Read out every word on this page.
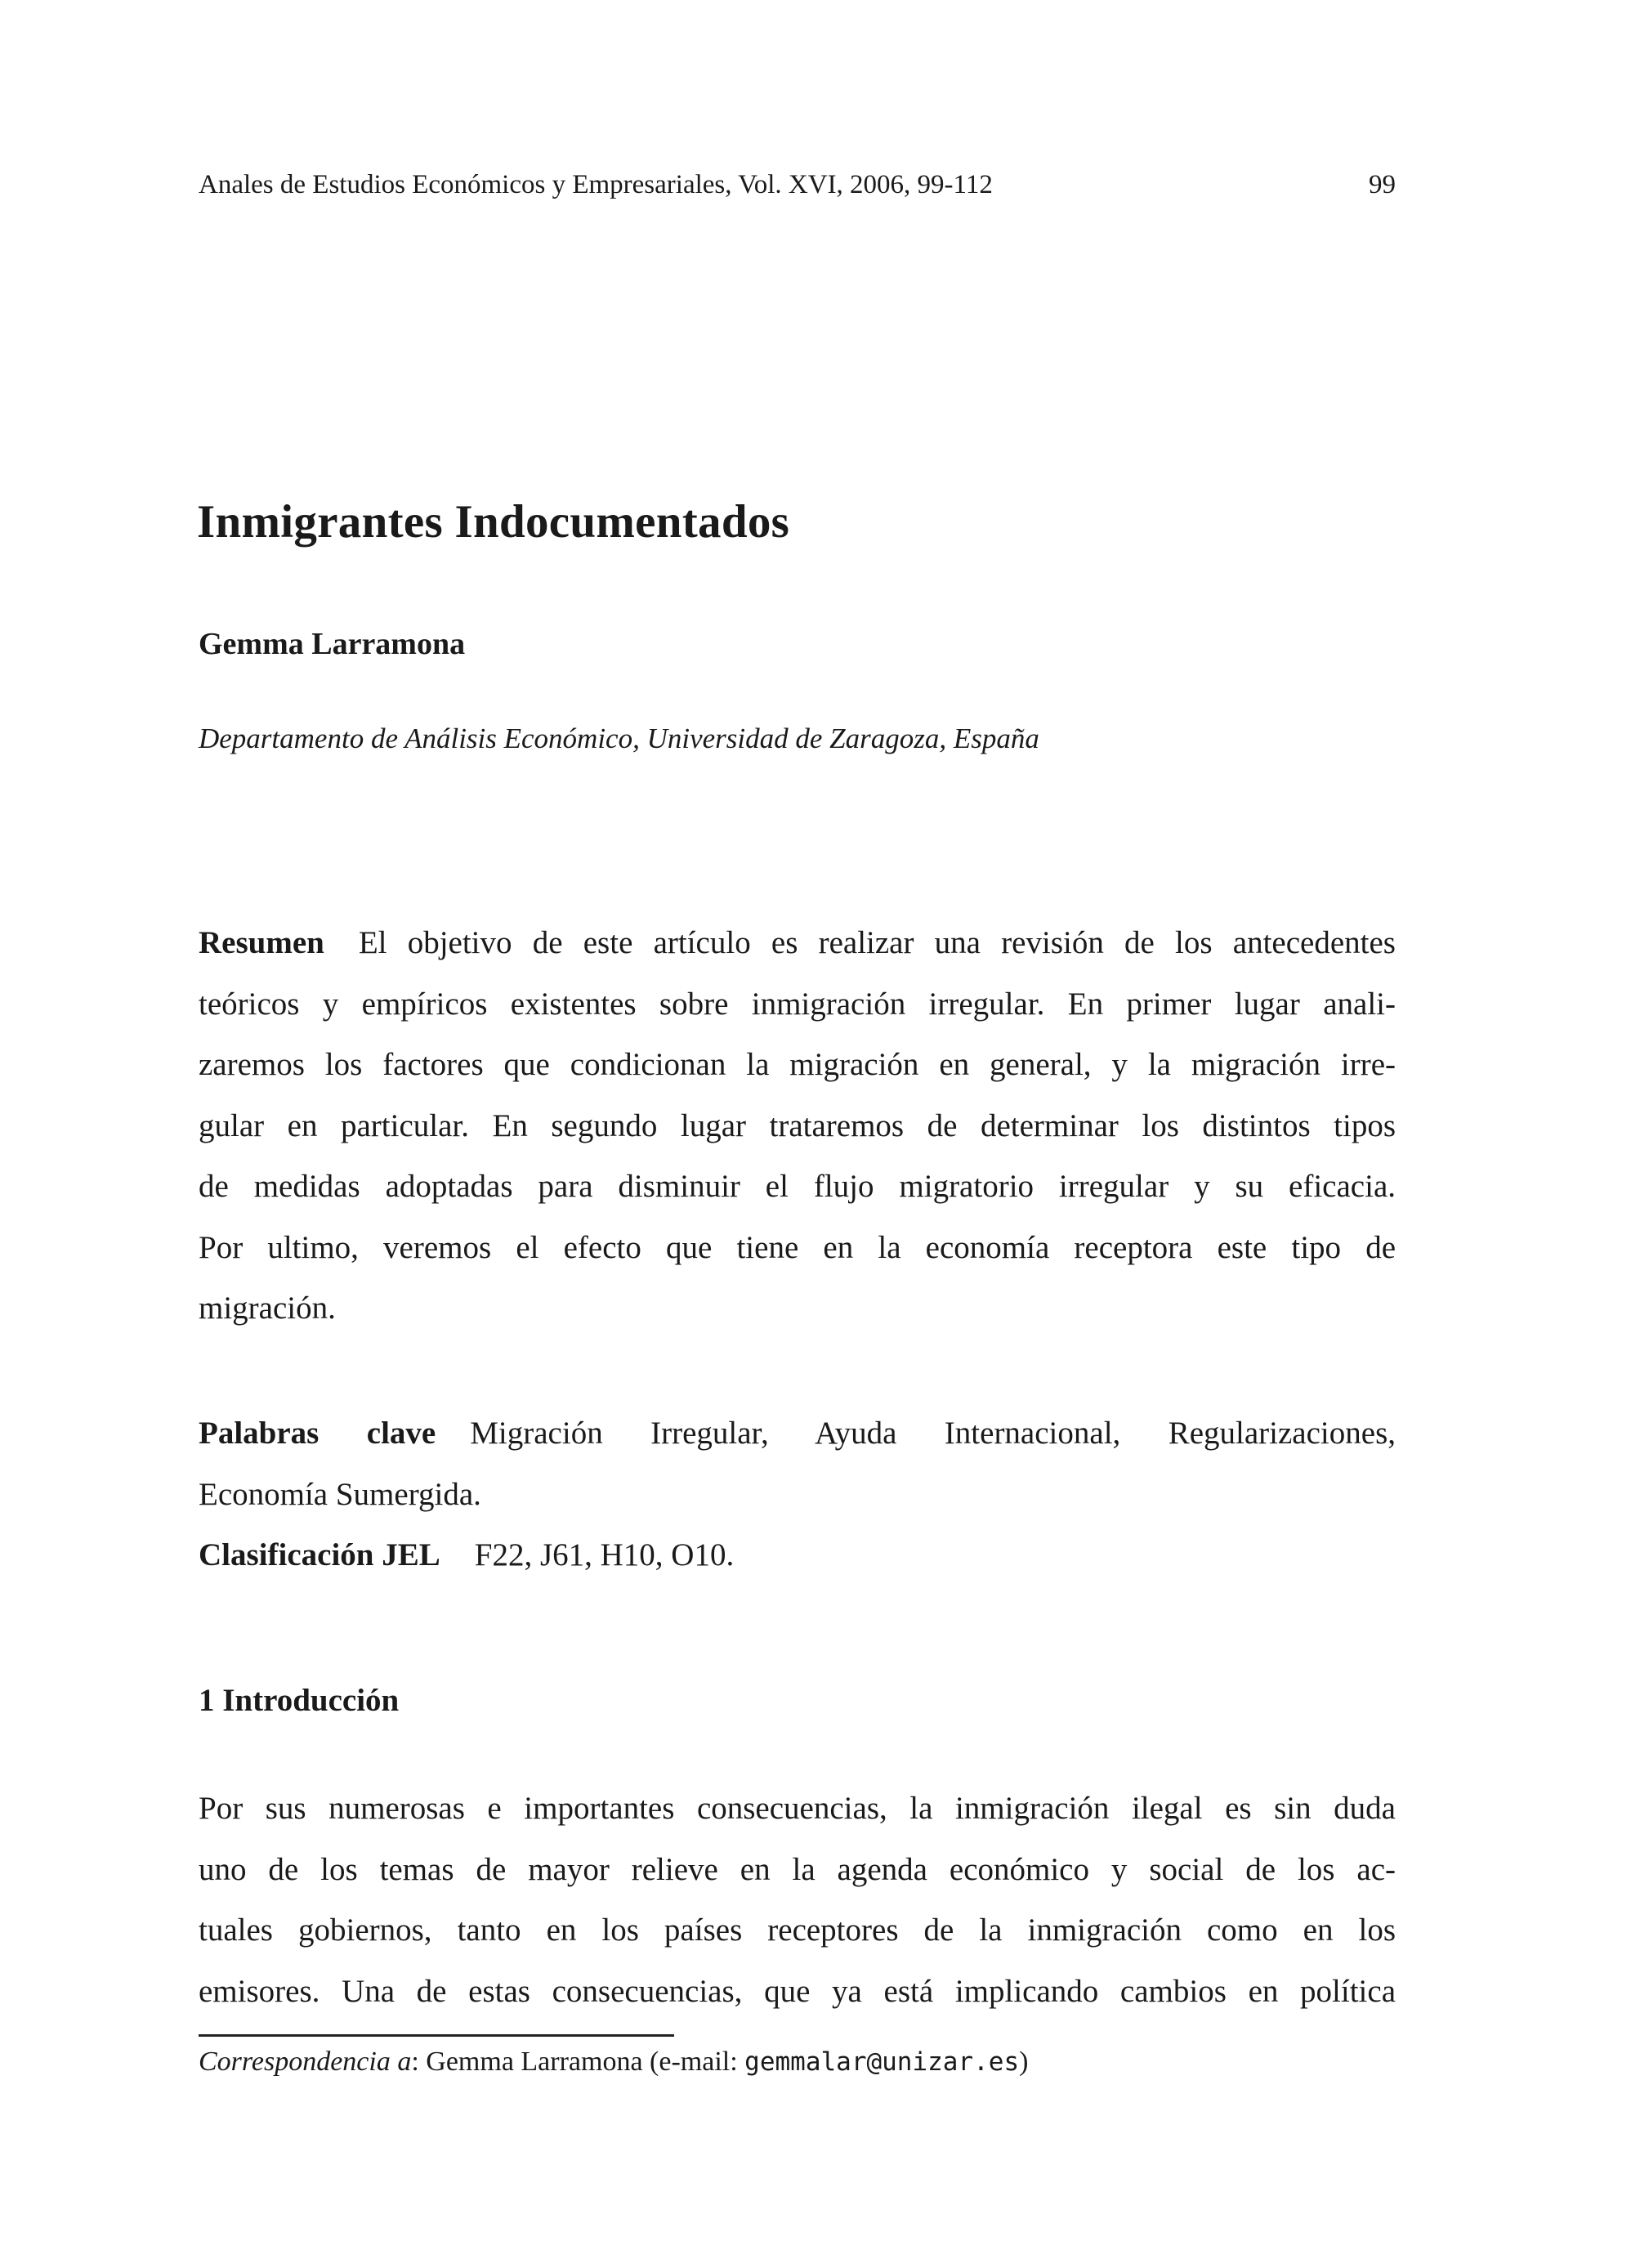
Anales de Estudios Económicos y Empresariales, Vol. XVI, 2006, 99-112	99
Inmigrantes Indocumentados
Gemma Larramona
Departamento de Análisis Económico, Universidad de Zaragoza, España
Resumen El objetivo de este artículo es realizar una revisión de los antecedentes
teóricos y empíricos existentes sobre inmigración irregular. En primer lugar anali-
zaremos los factores que condicionan la migración en general, y la migración irre-
gular en particular. En segundo lugar trataremos de determinar los distintos tipos
de medidas adoptadas para disminuir el flujo migratorio irregular y su eficacia.
Por ultimo, veremos el efecto que tiene en la economía receptora este tipo de
migración.
Palabras clave Migración Irregular, Ayuda Internacional, Regularizaciones,
Economía Sumergida.
Clasificación JEL F22, J61, H10, O10.
1 Introducción
Por sus numerosas e importantes consecuencias, la inmigración ilegal es sin duda
uno de los temas de mayor relieve en la agenda económico y social de los ac-
tuales gobiernos, tanto en los países receptores de la inmigración como en los
emisores. Una de estas consecuencias, que ya está implicando cambios en política
Correspondencia a: Gemma Larramona (e-mail: gemmalar@unizar.es)
